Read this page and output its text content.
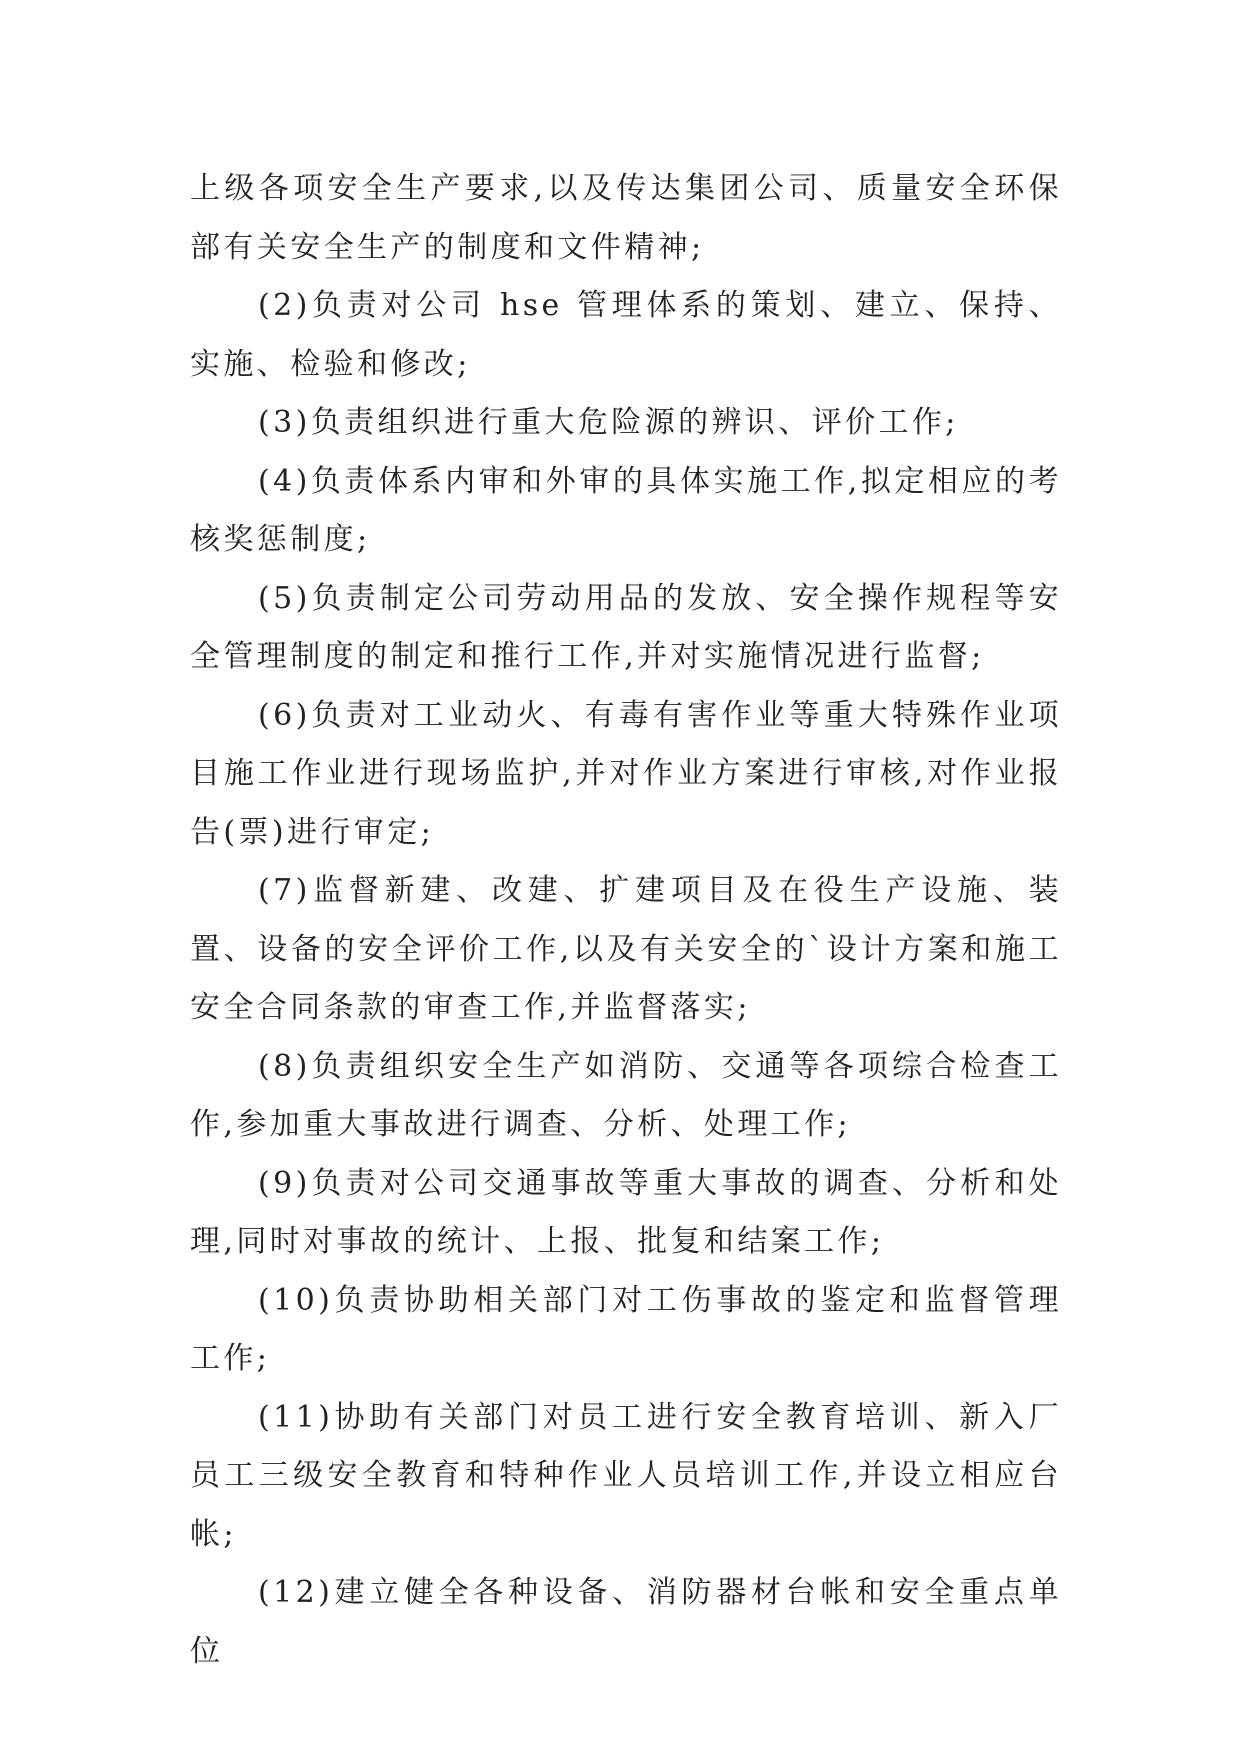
上级各项安全生产要求,以及传达集团公司、质量安全环保部有关安全生产的制度和文件精神;

(2)负责对公司 hse 管理体系的策划、建立、保持、实施、检验和修改;

(3)负责组织进行重大危险源的辨识、评价工作;

(4)负责体系内审和外审的具体实施工作,拟定相应的考核奖惩制度;

(5)负责制定公司劳动用品的发放、安全操作规程等安全管理制度的制定和推行工作,并对实施情况进行监督;

(6)负责对工业动火、有毒有害作业等重大特殊作业项目施工作业进行现场监护,并对作业方案进行审核,对作业报告(票)进行审定;

(7)监督新建、改建、扩建项目及在役生产设施、装置、设备的安全评价工作,以及有关安全的`设计方案和施工安全合同条款的审查工作,并监督落实;

(8)负责组织安全生产如消防、交通等各项综合检查工作,参加重大事故进行调查、分析、处理工作;

(9)负责对公司交通事故等重大事故的调查、分析和处理,同时对事故的统计、上报、批复和结案工作;

(10)负责协助相关部门对工伤事故的鉴定和监督管理工作;

(11)协助有关部门对员工进行安全教育培训、新入厂员工三级安全教育和特种作业人员培训工作,并设立相应台帐;

(12)建立健全各种设备、消防器材台帐和安全重点单位
